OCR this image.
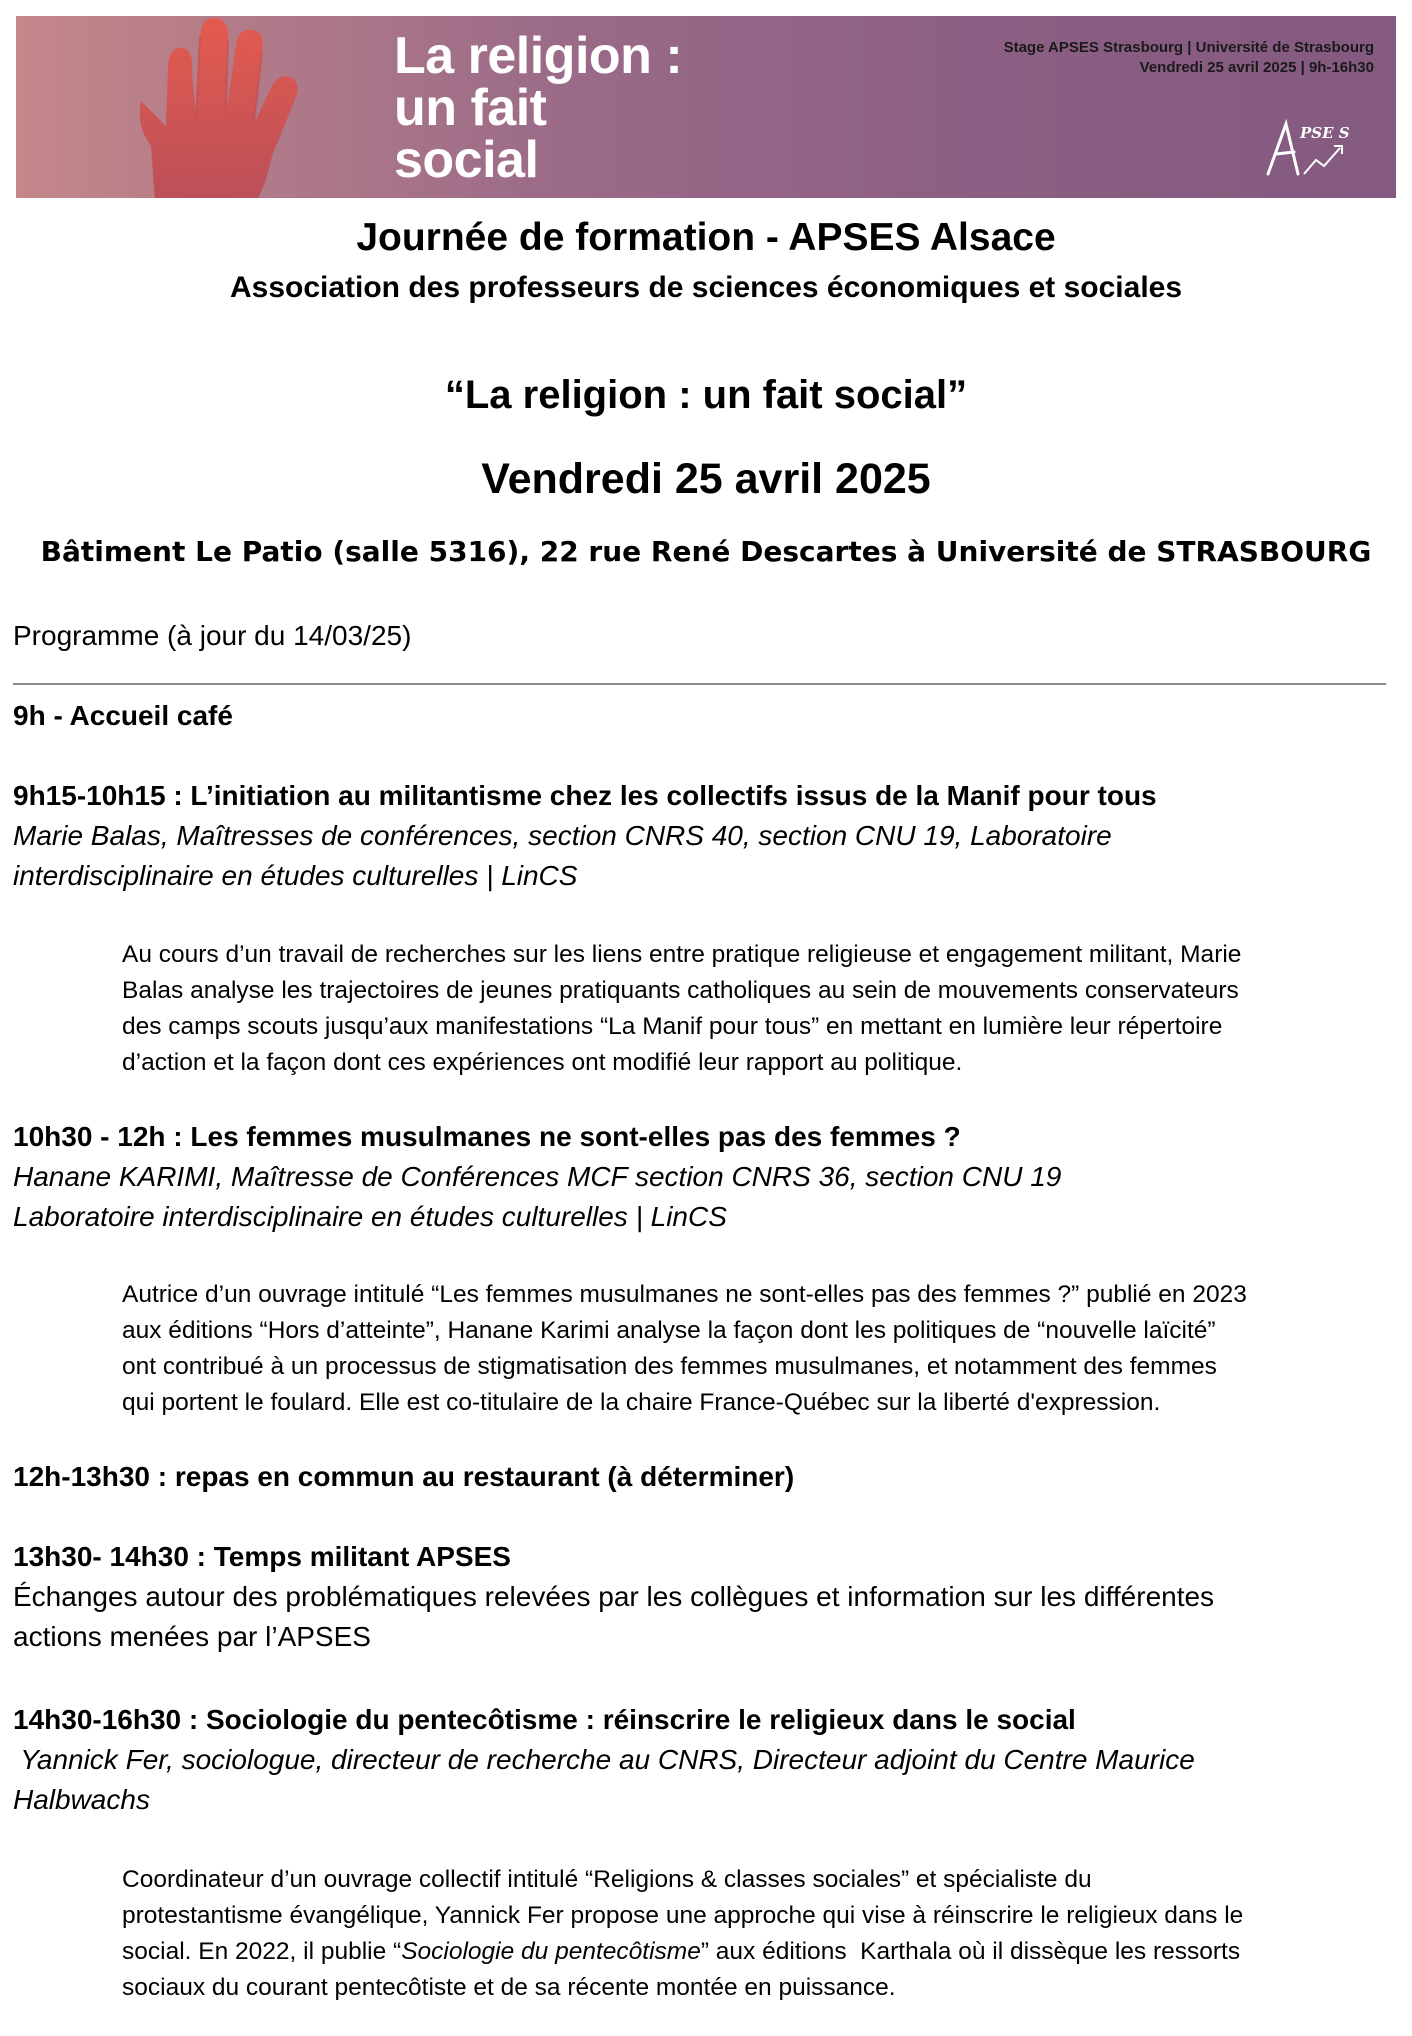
La religion :
un fait
social
Stage APSES Strasbourg | Université de Strasbourg
Vendredi 25 avril 2025 | 9h-16h30
PSE S
Journée de formation - APSES Alsace
Association des professeurs de sciences économiques et sociales
“La religion : un fait social”
Vendredi 25 avril 2025
Bâtiment Le Patio (salle 5316), 22 rue René Descartes à Université de STRASBOURG
Programme (à jour du 14/03/25)
9h - Accueil café
9h15-10h15 : L’initiation au militantisme chez les collectifs issus de la Manif pour tous
Marie Balas, Maîtresses de conférences, section CNRS 40, section CNU 19, Laboratoire
interdisciplinaire en études culturelles | LinCS
Au cours d’un travail de recherches sur les liens entre pratique religieuse et engagement militant, Marie
Balas analyse les trajectoires de jeunes pratiquants catholiques au sein de mouvements conservateurs
des camps scouts jusqu’aux manifestations “La Manif pour tous” en mettant en lumière leur répertoire
d’action et la façon dont ces expériences ont modifié leur rapport au politique.
10h30 - 12h : Les femmes musulmanes ne sont-elles pas des femmes ?
Hanane KARIMI, Maîtresse de Conférences MCF section CNRS 36, section CNU 19
Laboratoire interdisciplinaire en études culturelles | LinCS
Autrice d’un ouvrage intitulé “Les femmes musulmanes ne sont-elles pas des femmes ?” publié en 2023
aux éditions “Hors d’atteinte”, Hanane Karimi analyse la façon dont les politiques de “nouvelle laïcité”
ont contribué à un processus de stigmatisation des femmes musulmanes, et notamment des femmes
qui portent le foulard. Elle est co-titulaire de la chaire France-Québec sur la liberté d'expression.
12h-13h30 : repas en commun au restaurant (à déterminer)
13h30- 14h30 : Temps militant APSES
Échanges autour des problématiques relevées par les collègues et information sur les différentes
actions menées par l’APSES
14h30-16h30 : Sociologie du pentecôtisme : réinscrire le religieux dans le social
Yannick Fer, sociologue, directeur de recherche au CNRS, Directeur adjoint du Centre Maurice
Halbwachs
Coordinateur d’un ouvrage collectif intitulé “Religions & classes sociales” et spécialiste du
protestantisme évangélique, Yannick Fer propose une approche qui vise à réinscrire le religieux dans le
social. En 2022, il publie “Sociologie du pentecôtisme” aux éditions  Karthala où il dissèque les ressorts
sociaux du courant pentecôtiste et de sa récente montée en puissance.
